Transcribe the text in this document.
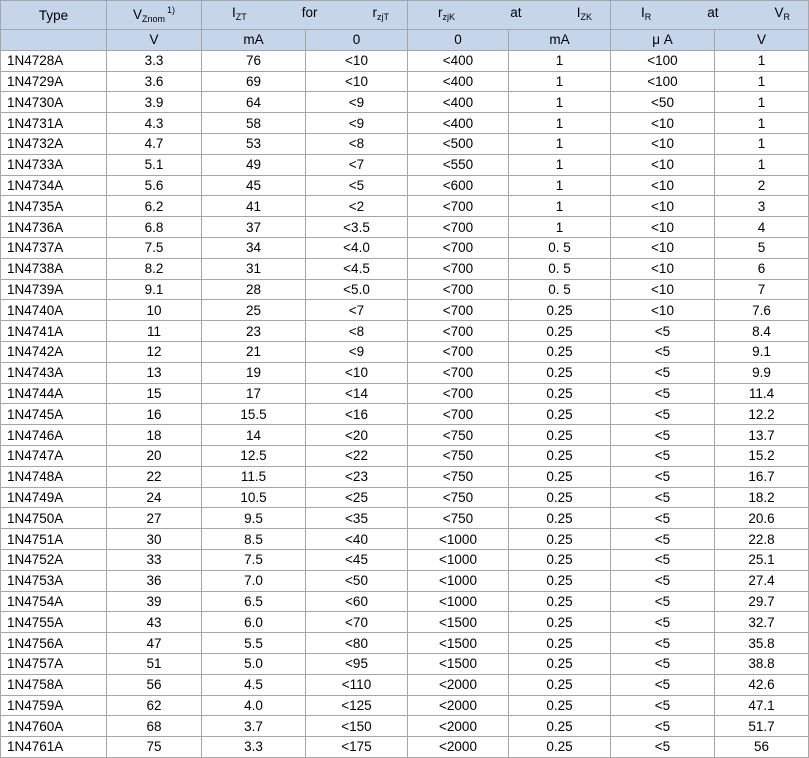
Type	$V_{Znom}^{1)}$	$I_{ZT}$ for $r_{zjT}$		$r_{zjK}$ at $I_{ZK}$		$I_R$ at $V_R$

	V	mA	0	0	mA	μ A	V
1N4728A	3.3	76	<10	<400	1	<100	1
1N4729A	3.6	69	<10	<400	1	<100	1
1N4730A	3.9	64	<9	<400	1	<50	1
1N4731A	4.3	58	<9	<400	1	<10	1
1N4732A	4.7	53	<8	<500	1	<10	1
1N4733A	5.1	49	<7	<550	1	<10	1
1N4734A	5.6	45	<5	<600	1	<10	2
1N4735A	6.2	41	<2	<700	1	<10	3
1N4736A	6.8	37	<3.5	<700	1	<10	4
1N4737A	7.5	34	<4.0	<700	0. 5	<10	5
1N4738A	8.2	31	<4.5	<700	0. 5	<10	6
1N4739A	9.1	28	<5.0	<700	0. 5	<10	7
1N4740A	10	25	<7	<700	0.25	<10	7.6
1N4741A	11	23	<8	<700	0.25	<5	8.4
1N4742A	12	21	<9	<700	0.25	<5	9.1
1N4743A	13	19	<10	<700	0.25	<5	9.9
1N4744A	15	17	<14	<700	0.25	<5	11.4
1N4745A	16	15.5	<16	<700	0.25	<5	12.2
1N4746A	18	14	<20	<750	0.25	<5	13.7
1N4747A	20	12.5	<22	<750	0.25	<5	15.2
1N4748A	22	11.5	<23	<750	0.25	<5	16.7
1N4749A	24	10.5	<25	<750	0.25	<5	18.2
1N4750A	27	9.5	<35	<750	0.25	<5	20.6
1N4751A	30	8.5	<40	<1000	0.25	<5	22.8
1N4752A	33	7.5	<45	<1000	0.25	<5	25.1
1N4753A	36	7.0	<50	<1000	0.25	<5	27.4
1N4754A	39	6.5	<60	<1000	0.25	<5	29.7
1N4755A	43	6.0	<70	<1500	0.25	<5	32.7
1N4756A	47	5.5	<80	<1500	0.25	<5	35.8
1N4757A	51	5.0	<95	<1500	0.25	<5	38.8
1N4758A	56	4.5	<110	<2000	0.25	<5	42.6
1N4759A	62	4.0	<125	<2000	0.25	<5	47.1
1N4760A	68	3.7	<150	<2000	0.25	<5	51.7
1N4761A	75	3.3	<175	<2000	0.25	<5	56
